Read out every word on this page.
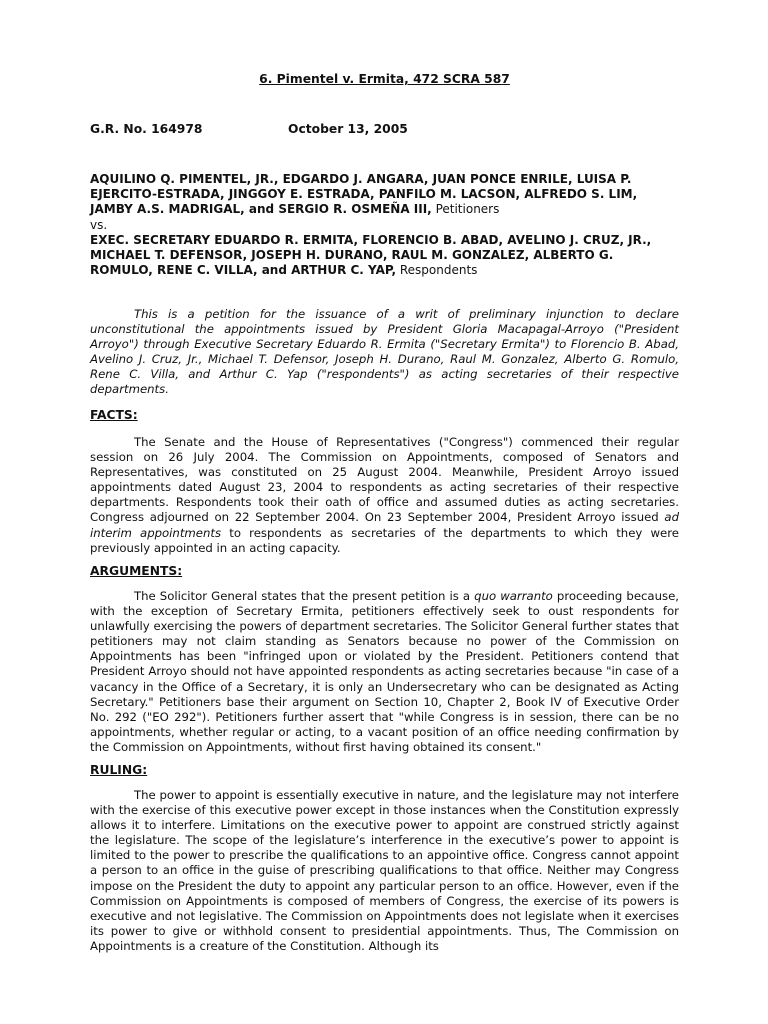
6. Pimentel v. Ermita, 472 SCRA 587

G.R. No. 164978	October 13, 2005

AQUILINO Q. PIMENTEL, JR., EDGARDO J. ANGARA, JUAN PONCE ENRILE, LUISA P. EJERCITO-ESTRADA, JINGGOY E. ESTRADA, PANFILO M. LACSON, ALFREDO S. LIM, JAMBY A.S. MADRIGAL, and SERGIO R. OSMEÑA III, Petitioners

vs.

EXEC. SECRETARY EDUARDO R. ERMITA, FLORENCIO B. ABAD, AVELINO J. CRUZ, JR., MICHAEL T. DEFENSOR, JOSEPH H. DURANO, RAUL M. GONZALEZ, ALBERTO G. ROMULO, RENE C. VILLA, and ARTHUR C. YAP, Respondents

This is a petition for the issuance of a writ of preliminary injunction to declare unconstitutional the appointments issued by President Gloria Macapagal-Arroyo ("President Arroyo") through Executive Secretary Eduardo R. Ermita ("Secretary Ermita") to Florencio B. Abad, Avelino J. Cruz, Jr., Michael T. Defensor, Joseph H. Durano, Raul M. Gonzalez, Alberto G. Romulo, Rene C. Villa, and Arthur C. Yap ("respondents") as acting secretaries of their respective departments.

FACTS:

The Senate and the House of Representatives ("Congress") commenced their regular session on 26 July 2004. The Commission on Appointments, composed of Senators and Representatives, was constituted on 25 August 2004. Meanwhile, President Arroyo issued appointments dated August 23, 2004 to respondents as acting secretaries of their respective departments. Respondents took their oath of office and assumed duties as acting secretaries. Congress adjourned on 22 September 2004. On 23 September 2004, President Arroyo issued ad interim appointments to respondents as secretaries of the departments to which they were previously appointed in an acting capacity.

ARGUMENTS:

The Solicitor General states that the present petition is a quo warranto proceeding because, with the exception of Secretary Ermita, petitioners effectively seek to oust respondents for unlawfully exercising the powers of department secretaries. The Solicitor General further states that petitioners may not claim standing as Senators because no power of the Commission on Appointments has been "infringed upon or violated by the President. Petitioners contend that President Arroyo should not have appointed respondents as acting secretaries because "in case of a vacancy in the Office of a Secretary, it is only an Undersecretary who can be designated as Acting Secretary." Petitioners base their argument on Section 10, Chapter 2, Book IV of Executive Order No. 292 ("EO 292"). Petitioners further assert that "while Congress is in session, there can be no appointments, whether regular or acting, to a vacant position of an office needing confirmation by the Commission on Appointments, without first having obtained its consent."

RULING:

The power to appoint is essentially executive in nature, and the legislature may not interfere with the exercise of this executive power except in those instances when the Constitution expressly allows it to interfere. Limitations on the executive power to appoint are construed strictly against the legislature. The scope of the legislature’s interference in the executive’s power to appoint is limited to the power to prescribe the qualifications to an appointive office. Congress cannot appoint a person to an office in the guise of prescribing qualifications to that office. Neither may Congress impose on the President the duty to appoint any particular person to an office. However, even if the Commission on Appointments is composed of members of Congress, the exercise of its powers is executive and not legislative. The Commission on Appointments does not legislate when it exercises its power to give or withhold consent to presidential appointments. Thus, The Commission on Appointments is a creature of the Constitution. Although its
